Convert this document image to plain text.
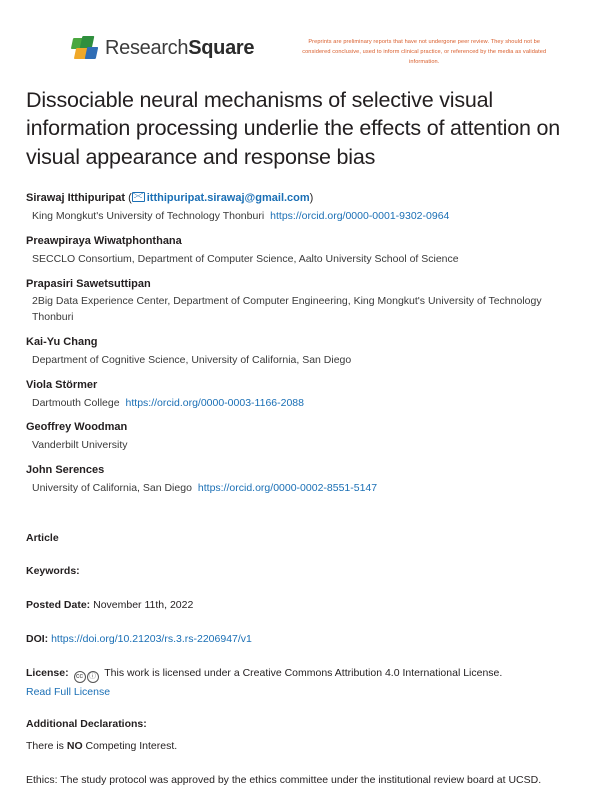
ResearchSquare	Preprints are preliminary reports that have not undergone peer review. They should not be considered conclusive, used to inform clinical practice, or referenced by the media as validated information.
Dissociable neural mechanisms of selective visual information processing underlie the effects of attention on visual appearance and response bias
Sirawaj Itthipuripat ( itthipuripat.sirawaj@gmail.com)
King Mongkut's University of Technology Thonburi https://orcid.org/0000-0001-9302-0964
Preawpiraya Wiwatphonthana
SECCLO Consortium, Department of Computer Science, Aalto University School of Science
Prapasiri Sawetsuttipan
2Big Data Experience Center, Department of Computer Engineering, King Mongkut's University of Technology Thonburi
Kai-Yu Chang
Department of Cognitive Science, University of California, San Diego
Viola Störmer
Dartmouth College https://orcid.org/0000-0003-1166-2088
Geoffrey Woodman
Vanderbilt University
John Serences
University of California, San Diego https://orcid.org/0000-0002-8551-5147
Article
Keywords:
Posted Date: November 11th, 2022
DOI: https://doi.org/10.21203/rs.3.rs-2206947/v1
License: cc ⓘ This work is licensed under a Creative Commons Attribution 4.0 International License.
Read Full License
Additional Declarations:
There is NO Competing Interest.
Ethics: The study protocol was approved by the ethics committee under the institutional review board at UCSD.
